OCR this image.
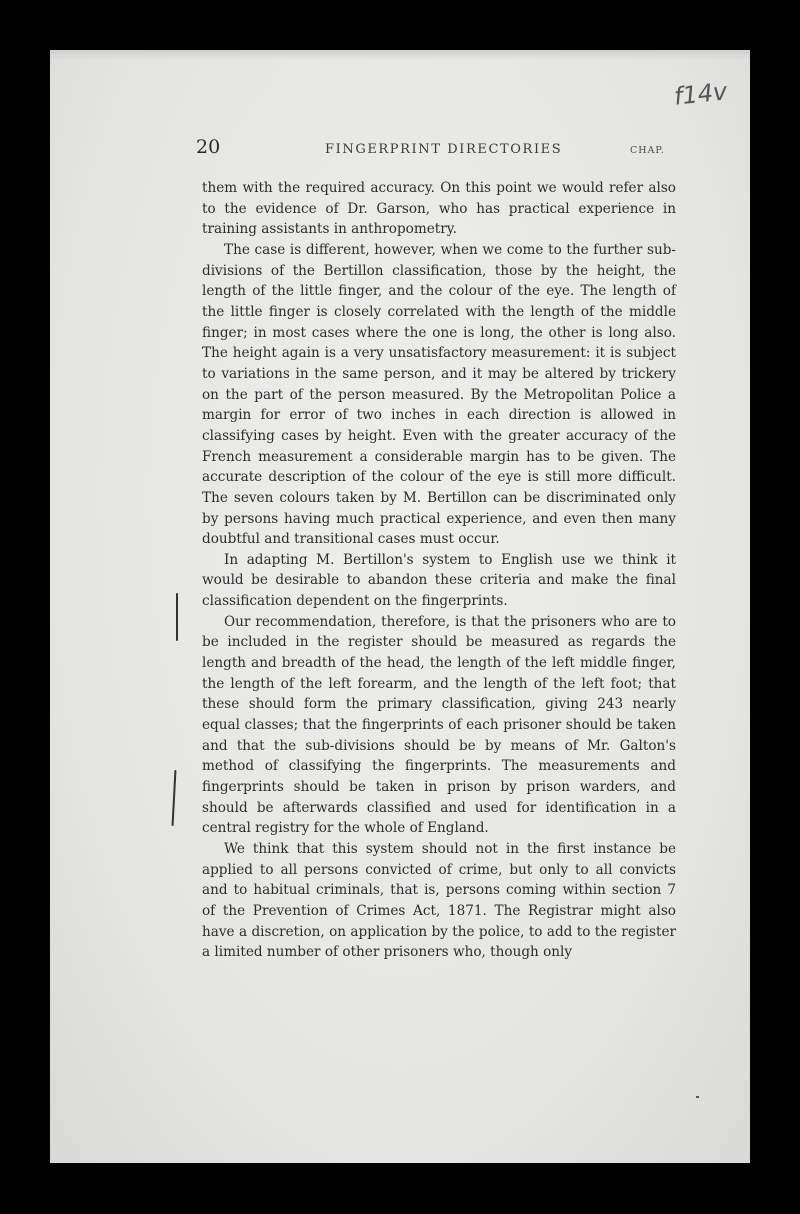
f14v
20	FINGERPRINT DIRECTORIES	CHAP.

them with the required accuracy. On this point we would refer also to the evidence of Dr. Garson, who has practical experience in training assistants in anthropometry.

The case is different, however, when we come to the further sub-divisions of the Bertillon classification, those by the height, the length of the little finger, and the colour of the eye. The length of the little finger is closely correlated with the length of the middle finger; in most cases where the one is long, the other is long also. The height again is a very unsatisfactory measurement: it is subject to variations in the same person, and it may be altered by trickery on the part of the person measured. By the Metropolitan Police a margin for error of two inches in each direction is allowed in classifying cases by height. Even with the greater accuracy of the French measurement a considerable margin has to be given. The accurate description of the colour of the eye is still more difficult. The seven colours taken by M. Bertillon can be discriminated only by persons having much practical experience, and even then many doubtful and transitional cases must occur.

In adapting M. Bertillon's system to English use we think it would be desirable to abandon these criteria and make the final classification dependent on the fingerprints.

Our recommendation, therefore, is that the prisoners who are to be included in the register should be measured as regards the length and breadth of the head, the length of the left middle finger, the length of the left forearm, and the length of the left foot; that these should form the primary classification, giving 243 nearly equal classes; that the fingerprints of each prisoner should be taken and that the sub-divisions should be by means of Mr. Galton's method of classifying the fingerprints. The measurements and fingerprints should be taken in prison by prison warders, and should be afterwards classified and used for identification in a central registry for the whole of England.

We think that this system should not in the first instance be applied to all persons convicted of crime, but only to all convicts and to habitual criminals, that is, persons coming within section 7 of the Prevention of Crimes Act, 1871. The Registrar might also have a discretion, on application by the police, to add to the register a limited number of other prisoners who, though only
